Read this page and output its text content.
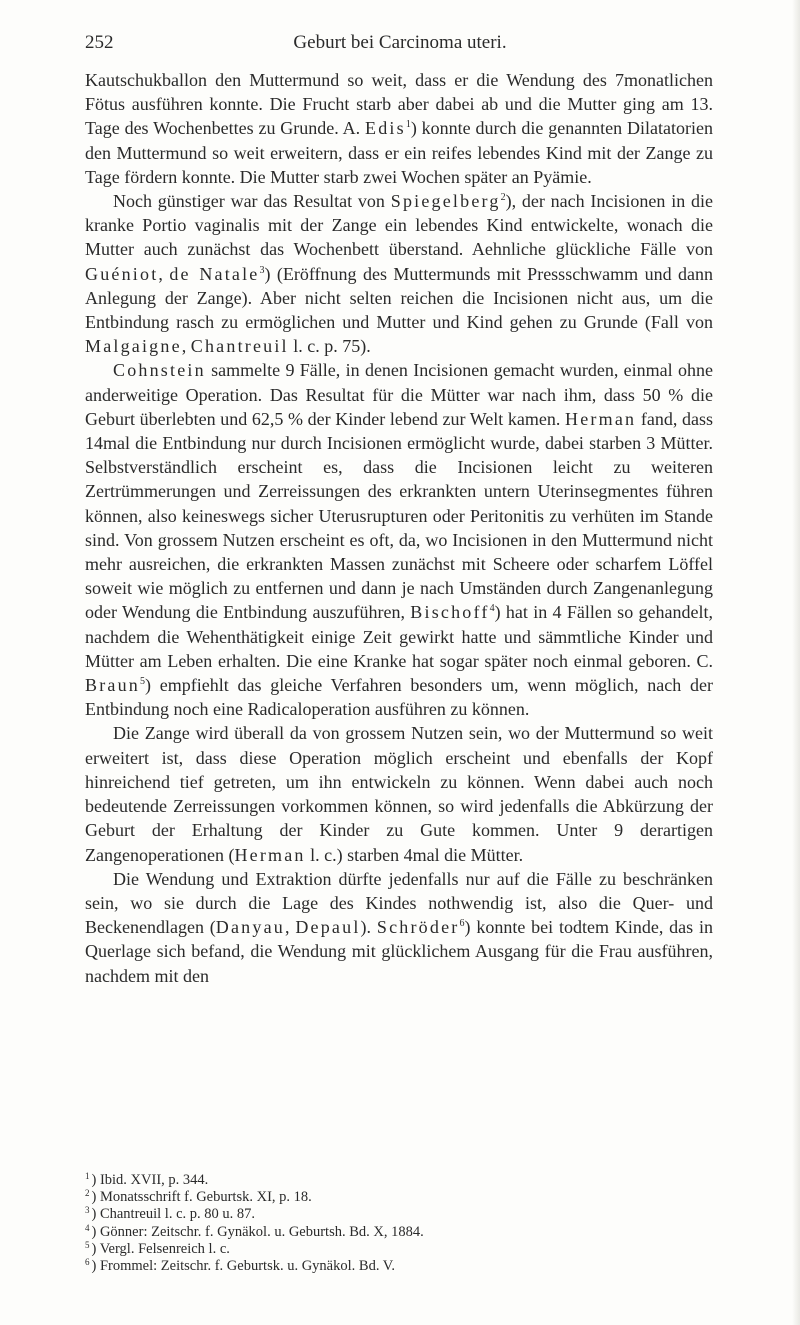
252	Geburt bei Carcinoma uteri.

Kautschukballon den Muttermund so weit, dass er die Wendung des 7monatlichen Fötus ausführen konnte. Die Frucht starb aber dabei ab und die Mutter ging am 13. Tage des Wochenbettes zu Grunde. A. Edis$^1$) konnte durch die genannten Dilatatorien den Muttermund so weit erweitern, dass er ein reifes lebendes Kind mit der Zange zu Tage fördern konnte. Die Mutter starb zwei Wochen später an Pyämie.

Noch günstiger war das Resultat von Spiegelberg$^2$), der nach Incisionen in die kranke Portio vaginalis mit der Zange ein lebendes Kind entwickelte, wonach die Mutter auch zunächst das Wochenbett überstand. Aehnliche glückliche Fälle von Guéniot, de Natale$^3$) (Eröffnung des Muttermunds mit Pressschwamm und dann Anlegung der Zange). Aber nicht selten reichen die Incisionen nicht aus, um die Entbindung rasch zu ermöglichen und Mutter und Kind gehen zu Grunde (Fall von Malgaigne, Chantreuil l. c. p. 75).

Cohnstein sammelte 9 Fälle, in denen Incisionen gemacht wurden, einmal ohne anderweitige Operation. Das Resultat für die Mütter war nach ihm, dass 50 % die Geburt überlebten und 62,5 % der Kinder lebend zur Welt kamen. Herman fand, dass 14mal die Entbindung nur durch Incisionen ermöglicht wurde, dabei starben 3 Mütter. Selbstverständlich erscheint es, dass die Incisionen leicht zu weiteren Zertrümmerungen und Zerreissungen des erkrankten untern Uterinsegmentes führen können, also keineswegs sicher Uterusrupturen oder Peritonitis zu verhüten im Stande sind. Von grossem Nutzen erscheint es oft, da, wo Incisionen in den Muttermund nicht mehr ausreichen, die erkrankten Massen zunächst mit Scheere oder scharfem Löffel soweit wie möglich zu entfernen und dann je nach Umständen durch Zangenanlegung oder Wendung die Entbindung auszuführen, Bischoff$^4$) hat in 4 Fällen so gehandelt, nachdem die Wehenthätigkeit einige Zeit gewirkt hatte und sämmtliche Kinder und Mütter am Leben erhalten. Die eine Kranke hat sogar später noch einmal geboren. C. Braun$^5$) empfiehlt das gleiche Verfahren besonders um, wenn möglich, nach der Entbindung noch eine Radicaloperation ausführen zu können.

Die Zange wird überall da von grossem Nutzen sein, wo der Muttermund so weit erweitert ist, dass diese Operation möglich erscheint und ebenfalls der Kopf hinreichend tief getreten, um ihn entwickeln zu können. Wenn dabei auch noch bedeutende Zerreissungen vorkommen können, so wird jedenfalls die Abkürzung der Geburt der Erhaltung der Kinder zu Gute kommen. Unter 9 derartigen Zangenoperationen (Herman l. c.) starben 4mal die Mütter.

Die Wendung und Extraktion dürfte jedenfalls nur auf die Fälle zu beschränken sein, wo sie durch die Lage des Kindes nothwendig ist, also die Quer- und Beckenendlagen (Danyau, Depaul). Schröder$^6$) konnte bei todtem Kinde, das in Querlage sich befand, die Wendung mit glücklichem Ausgang für die Frau ausführen, nachdem mit den

$^1$ ) Ibid. XVII, p. 344.

$^2$ ) Monatsschrift f. Geburtsk. XI, p. 18.

$^3$ ) Chantreuil l. c. p. 80 u. 87.

$^4$ ) Gönner: Zeitschr. f. Gynäkol. u. Geburtsh. Bd. X, 1884.

$^5$ ) Vergl. Felsenreich l. c.

$^6$ ) Frommel: Zeitschr. f. Geburtsk. u. Gynäkol. Bd. V.
